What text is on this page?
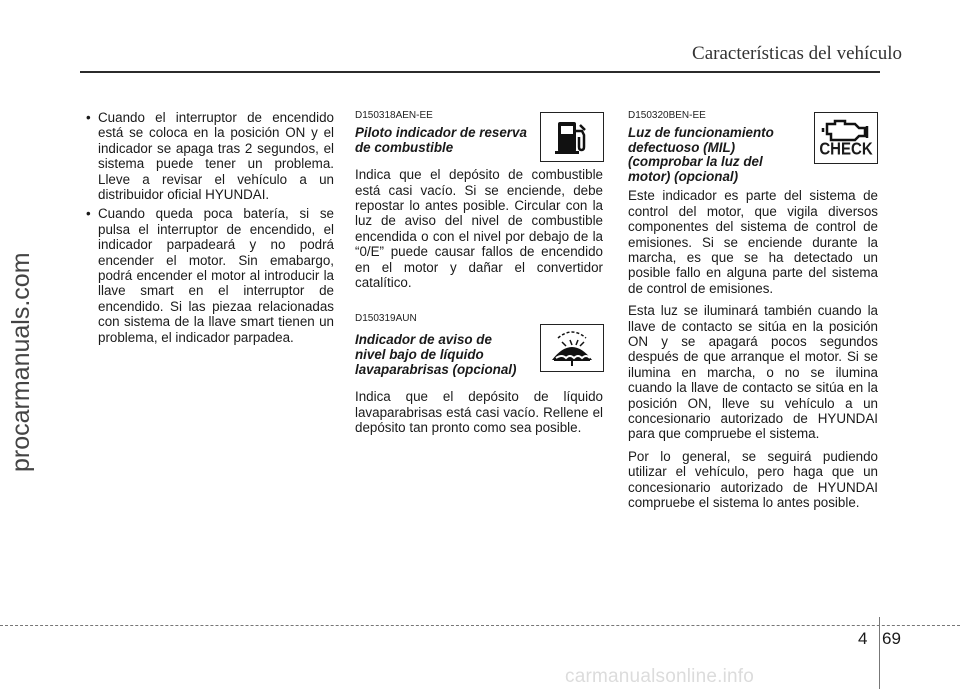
Características del vehículo
procarmanuals.com
• Cuando el interruptor de encendido está se coloca en la posición ON y el indicador se apaga tras 2 segundos, el sistema puede tener un problema. Lleve a revisar el vehículo a un distribuidor oficial HYUNDAI.
• Cuando queda poca batería, si se pulsa el interruptor de encendido, el indicador parpadeará y no podrá encender el motor. Sin emabargo, podrá encender el motor al introducir la llave smart en el interruptor de encendido. Si las piezaa relacionadas con sistema de la llave smart tienen un problema, el indicador parpadea.
D150318AEN-EE
Piloto indicador de reserva
de combustible
Indica que el depósito de combustible está casi vacío. Si se enciende, debe repostar lo antes posible. Circular con la luz de aviso del nivel de combustible encendida o con el nivel por debajo de la “0/E” puede causar fallos de encendido en el motor y dañar el convertidor catalítico.
D150319AUN
Indicador de aviso de
nivel bajo de líquido
lavaparabrisas (opcional)
Indica que el depósito de líquido lavaparabrisas está casi vacío. Rellene el depósito tan pronto como sea posible.
D150320BEN-EE
Luz de funcionamiento
defectuoso (MIL)
(comprobar la luz del
motor) (opcional)
Este indicador es parte del sistema de control del motor, que vigila diversos componentes del sistema de control de emisiones. Si se enciende durante la marcha, es que se ha detectado un posible fallo en alguna parte del sistema de control de emisiones.
Esta luz se iluminará también cuando la llave de contacto se sitúa en la posición ON y se apagará pocos segundos después de que arranque el motor. Si se ilumina en marcha, o no se ilumina cuando la llave de contacto se sitúa en la posición ON, lleve su vehículo a un concesionario autorizado de HYUNDAI para que compruebe el sistema.
Por lo general, se seguirá pudiendo utilizar el vehículo, pero haga que un concesionario autorizado de HYUNDAI compruebe el sistema lo antes posible.
CHECK
4 69
carmanualsonline.info
